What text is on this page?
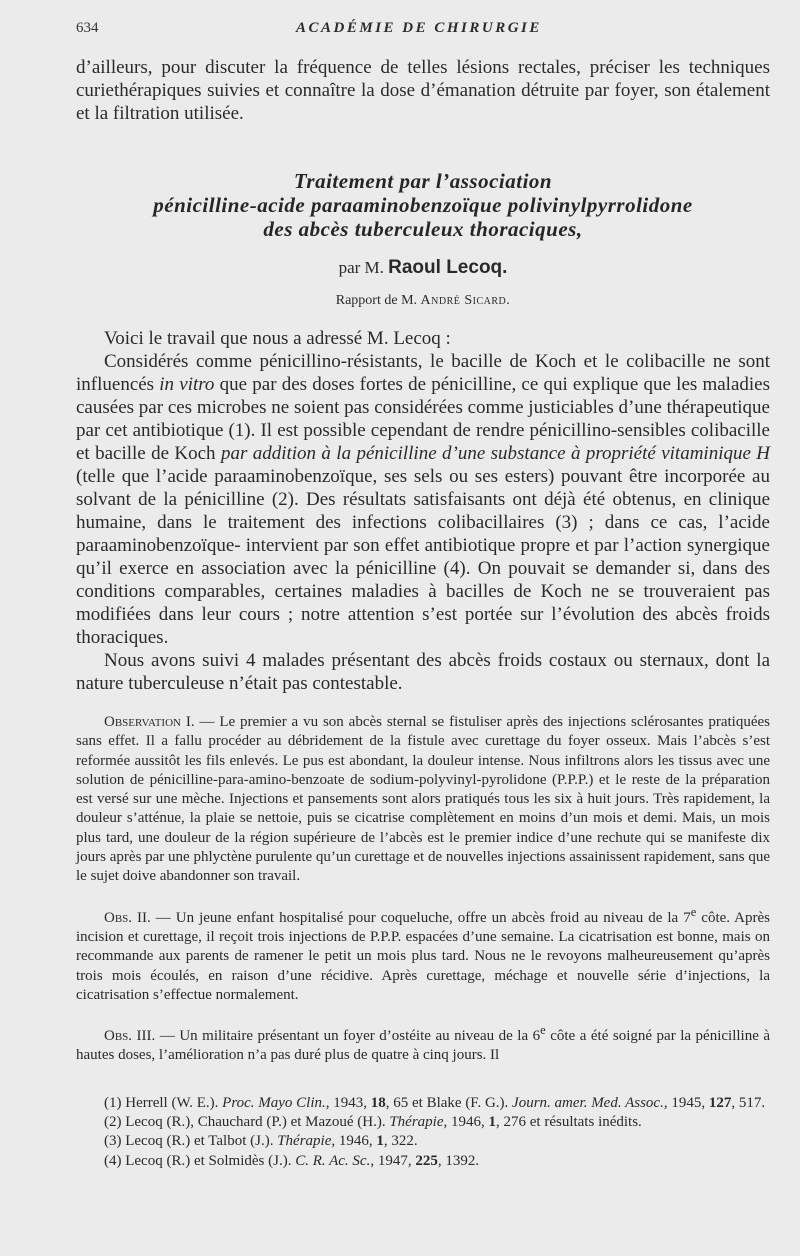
634	ACADÉMIE DE CHIRURGIE

d’ailleurs, pour discuter la fréquence de telles lésions rectales, préciser les techniques curiethérapiques suivies et connaître la dose d’émanation détruite par foyer, son étalement et la filtration utilisée.

Traitement par l’association
pénicilline-acide paraaminobenzoïque polivinylpyrrolidone
des abcès tuberculeux thoraciques,
par M. Raoul Lecoq.
Rapport de M. André Sicard.

Voici le travail que nous a adressé M. Lecoq :

Considérés comme pénicillino-résistants, le bacille de Koch et le colibacille ne sont influencés in vitro que par des doses fortes de pénicilline, ce qui explique que les maladies causées par ces microbes ne soient pas considérées comme justiciables d’une thérapeutique par cet antibiotique (1). Il est possible cependant de rendre pénicillino-sensibles colibacille et bacille de Koch par addition à la pénicilline d’une substance à propriété vitaminique H (telle que l’acide paraaminobenzoïque, ses sels ou ses esters) pouvant être incorporée au solvant de la pénicilline (2). Des résultats satisfaisants ont déjà été obtenus, en clinique humaine, dans le traitement des infections colibacillaires (3) ; dans ce cas, l’acide paraaminobenzoïque- intervient par son effet antibiotique propre et par l’action synergique qu’il exerce en association avec la pénicilline (4). On pouvait se demander si, dans des conditions comparables, certaines maladies à bacilles de Koch ne se trouveraient pas modifiées dans leur cours ; notre attention s’est portée sur l’évolution des abcès froids thoraciques.

Nous avons suivi 4 malades présentant des abcès froids costaux ou sternaux, dont la nature tuberculeuse n’était pas contestable.

Observation I. — Le premier a vu son abcès sternal se fistuliser après des injections sclérosantes pratiquées sans effet. Il a fallu procéder au débridement de la fistule avec curettage du foyer osseux. Mais l’abcès s’est reformée aussitôt les fils enlevés. Le pus est abondant, la douleur intense. Nous infiltrons alors les tissus avec une solution de pénicilline-para-amino-benzoate de sodium-polyvinyl-pyrolidone (P.P.P.) et le reste de la préparation est versé sur une mèche. Injections et pansements sont alors pratiqués tous les six à huit jours. Très rapidement, la douleur s’atténue, la plaie se nettoie, puis se cicatrise complètement en moins d’un mois et demi. Mais, un mois plus tard, une douleur de la région supérieure de l’abcès est le premier indice d’une rechute qui se manifeste dix jours après par une phlyctène purulente qu’un curettage et de nouvelles injections assainissent rapidement, sans que le sujet doive abandonner son travail.

Obs. II. — Un jeune enfant hospitalisé pour coqueluche, offre un abcès froid au niveau de la 7e côte. Après incision et curettage, il reçoit trois injections de P.P.P. espacées d’une semaine. La cicatrisation est bonne, mais on recommande aux parents de ramener le petit un mois plus tard. Nous ne le revoyons malheureusement qu’après trois mois écoulés, en raison d’une récidive. Après curettage, méchage et nouvelle série d’injections, la cicatrisation s’effectue normalement.

Obs. III. — Un militaire présentant un foyer d’ostéite au niveau de la 6e côte a été soigné par la pénicilline à hautes doses, l’amélioration n’a pas duré plus de quatre à cinq jours. Il

(1) Herrell (W. E.). Proc. Mayo Clin., 1943, 18, 65 et Blake (F. G.). Journ. amer. Med. Assoc., 1945, 127, 517.

(2) Lecoq (R.), Chauchard (P.) et Mazoué (H.). Thérapie, 1946, 1, 276 et résultats inédits.

(3) Lecoq (R.) et Talbot (J.). Thérapie, 1946, 1, 322.

(4) Lecoq (R.) et Solmidès (J.). C. R. Ac. Sc., 1947, 225, 1392.
